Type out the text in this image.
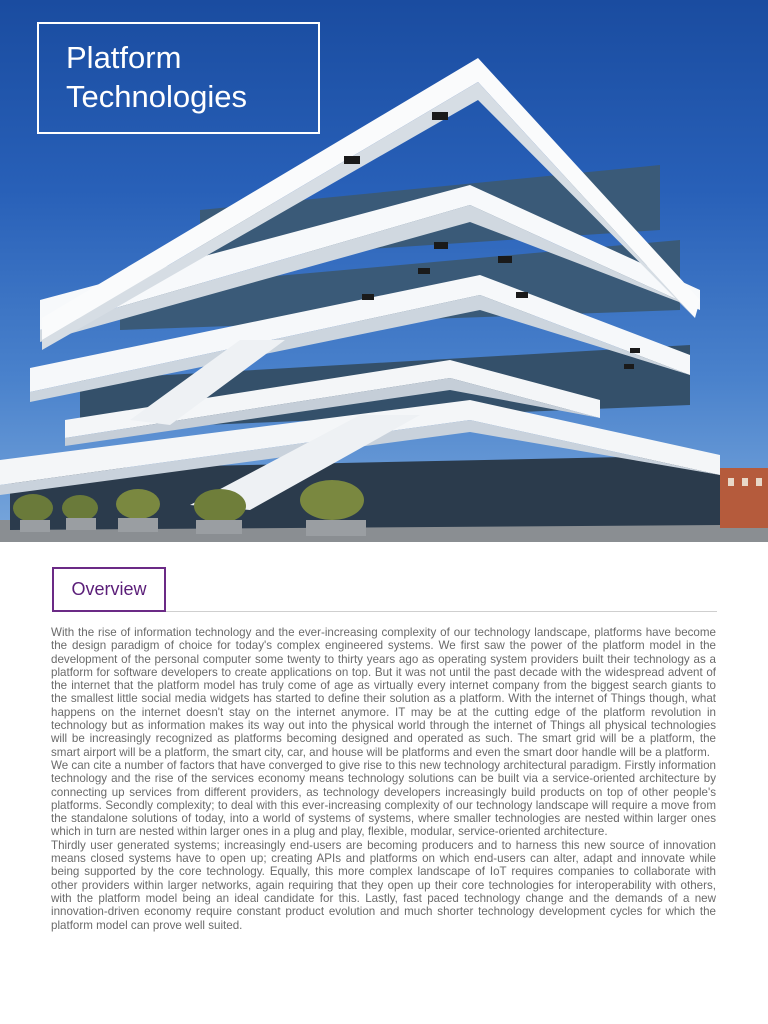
Platform
Technologies
Overview

With the rise of information technology and the ever-increasing complexity of our technology landscape, platforms have become the design paradigm of choice for today's complex engineered systems. We first saw the power of the platform model in the development of the personal computer some twenty to thirty years ago as operating system providers built their technology as a platform for software developers to create applications on top. But it was not until the past decade with the widespread advent of the internet that the platform model has truly come of age as virtually every internet company from the biggest search giants to the smallest little social media widgets has started to define their solution as a platform. With the internet of Things though, what happens on the internet doesn't stay on the internet anymore. IT may be at the cutting edge of the platform revolution in technology but as information makes its way out into the physical world through the internet of Things all physical technologies will be increasingly recognized as platforms becoming designed and operated as such. The smart grid will be a platform, the smart airport will be a platform, the smart city, car, and house will be platforms and even the smart door handle will be a platform.

We can cite a number of factors that have converged to give rise to this new technology architectural paradigm. Firstly information technology and the rise of the services economy means technology solutions can be built via a service-oriented architecture by connecting up services from different providers, as technology developers increasingly build products on top of other people's platforms. Secondly complexity; to deal with this ever-increasing complexity of our technology landscape will require a move from the standalone solutions of today, into a world of systems of systems, where smaller technologies are nested within larger ones which in turn are nested within larger ones in a plug and play, flexible, modular, service-oriented architecture.

Thirdly user generated systems; increasingly end-users are becoming producers and to harness this new source of innovation means closed systems have to open up; creating APIs and platforms on which end-users can alter, adapt and innovate while being supported by the core technology. Equally, this more complex landscape of IoT requires companies to collaborate with other providers within larger networks, again requiring that they open up their core technologies for interoperability with others, with the platform model being an ideal candidate for this. Lastly, fast paced technology change and the demands of a new innovation-driven economy require constant product evolution and much shorter technology development cycles for which the platform model can prove well suited.
